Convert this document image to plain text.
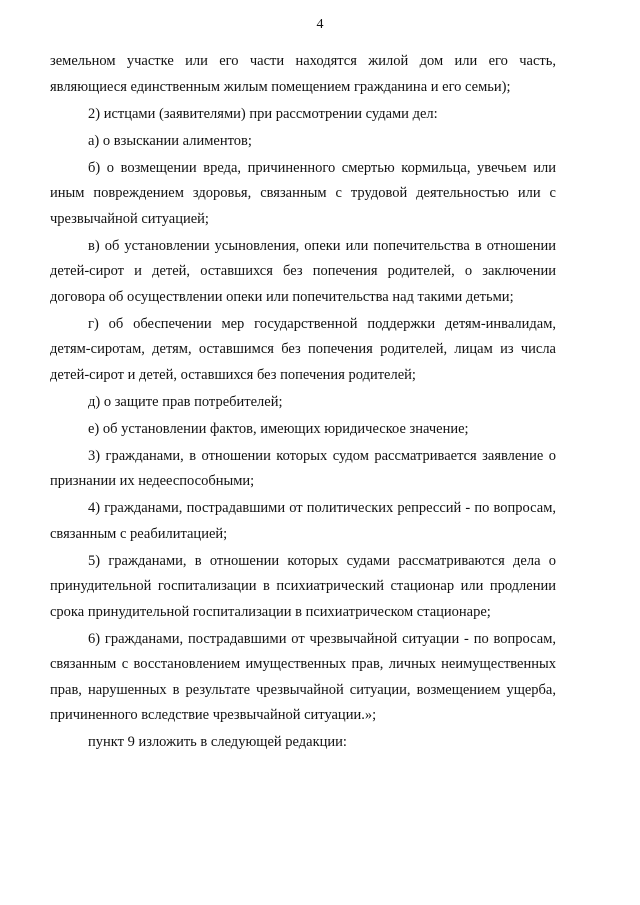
4

земельном участке или его части находятся жилой дом или его часть, являющиеся единственным жилым помещением гражданина и его семьи);

2) истцами (заявителями) при рассмотрении судами дел:

а) о взыскании алиментов;

б) о возмещении вреда, причиненного смертью кормильца, увечьем или иным повреждением здоровья, связанным с трудовой деятельностью или с чрезвычайной ситуацией;

в) об установлении усыновления, опеки или попечительства в отношении детей-сирот и детей, оставшихся без попечения родителей, о заключении договора об осуществлении опеки или попечительства над такими детьми;

г) об обеспечении мер государственной поддержки детям-инвалидам, детям-сиротам, детям, оставшимся без попечения родителей, лицам из числа детей-сирот и детей, оставшихся без попечения родителей;

д) о защите прав потребителей;

е) об установлении фактов, имеющих юридическое значение;

3) гражданами, в отношении которых судом рассматривается заявление о признании их недееспособными;

4) гражданами, пострадавшими от политических репрессий - по вопросам, связанным с реабилитацией;

5) гражданами, в отношении которых судами рассматриваются дела о принудительной госпитализации в психиатрический стационар или продлении срока принудительной госпитализации в психиатрическом стационаре;

6) гражданами, пострадавшими от чрезвычайной ситуации - по вопросам, связанным с восстановлением имущественных прав, личных неимущественных прав, нарушенных в результате чрезвычайной ситуации, возмещением ущерба, причиненного вследствие чрезвычайной ситуации.»;

пункт 9 изложить в следующей редакции:
